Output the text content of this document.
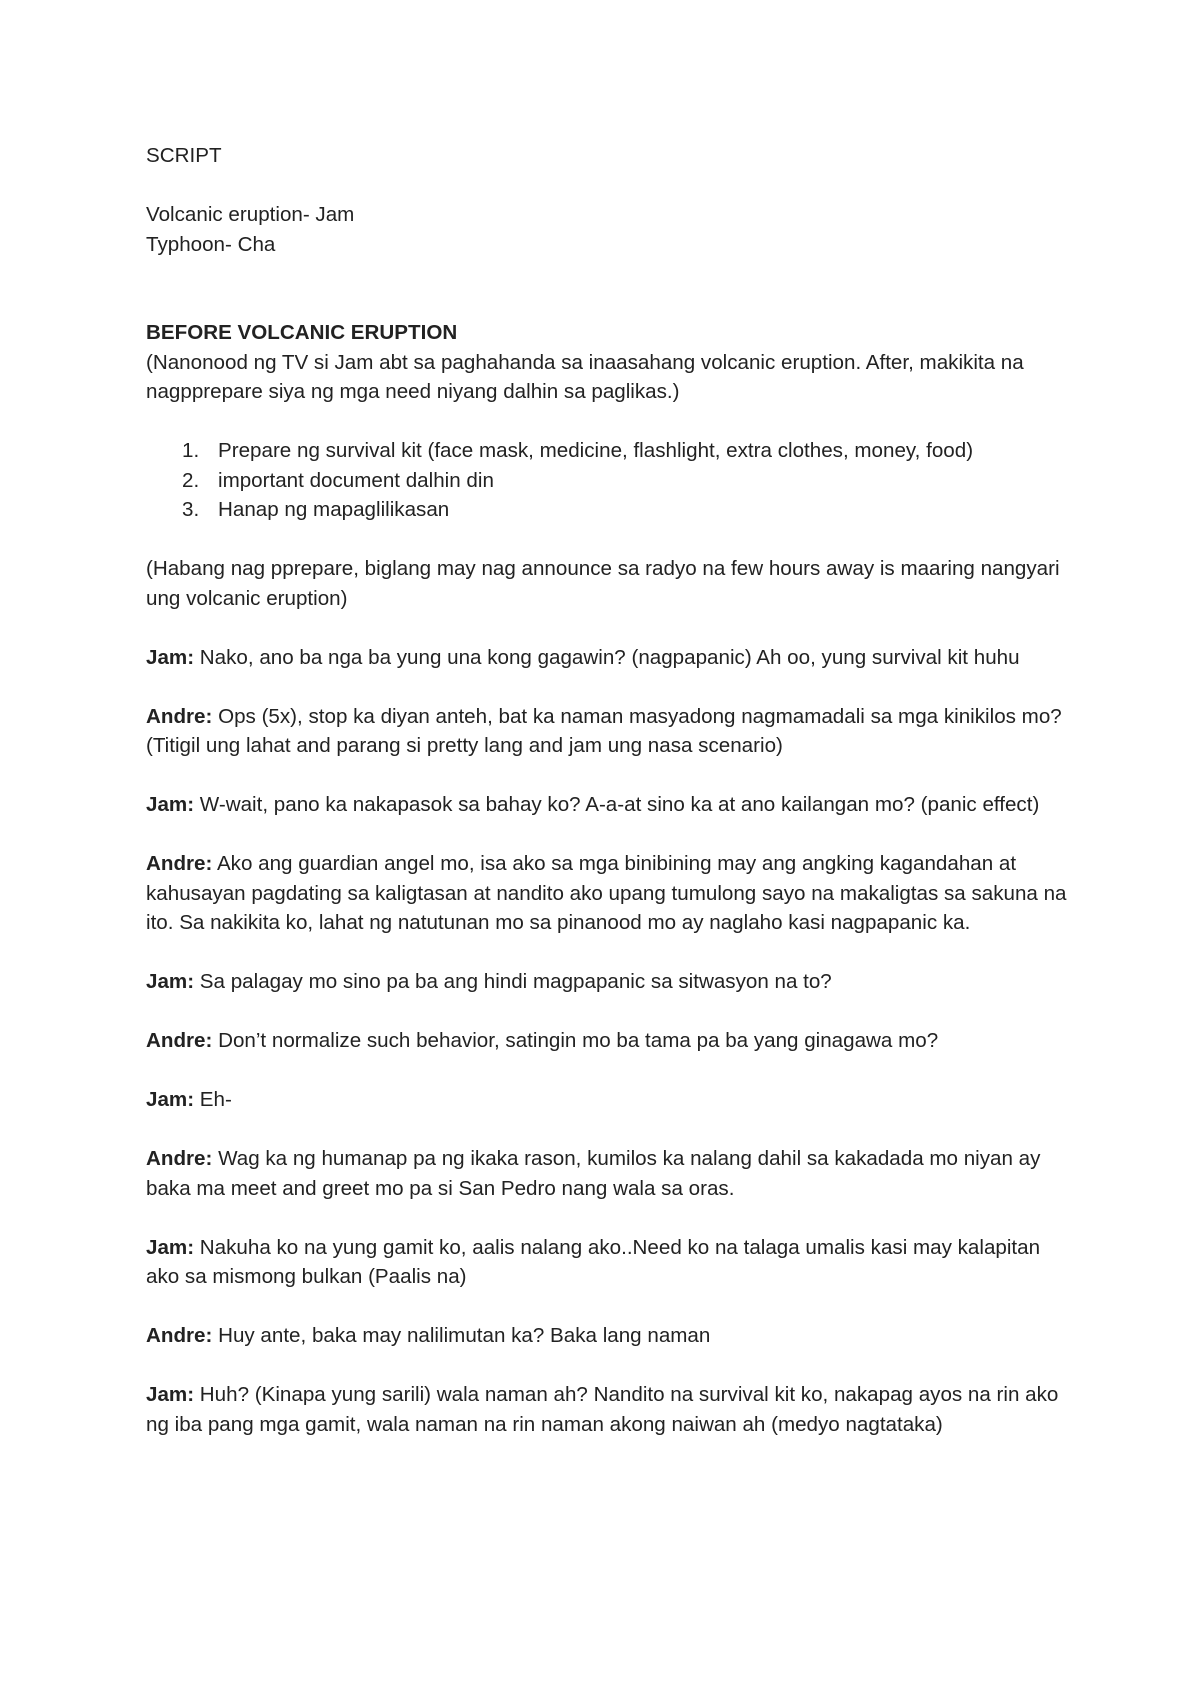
SCRIPT

Volcanic eruption- Jam

Typhoon- Cha

BEFORE VOLCANIC ERUPTION

(Nanonood ng TV si Jam abt sa paghahanda sa inaasahang volcanic eruption. After, makikita na nagpprepare siya ng mga need niyang dalhin sa paglikas.)

1. Prepare ng survival kit (face mask, medicine, flashlight, extra clothes, money, food)
2. important document dalhin din
3. Hanap ng mapaglilikasan

(Habang nag pprepare, biglang may nag announce sa radyo na few hours away is maaring nangyari ung volcanic eruption)

Jam: Nako, ano ba nga ba yung una kong gagawin? (nagpapanic) Ah oo, yung survival kit huhu

Andre: Ops (5x), stop ka diyan anteh, bat ka naman masyadong nagmamadali sa mga kinikilos mo? (Titigil ung lahat and parang si pretty lang and jam ung nasa scenario)

Jam: W-wait, pano ka nakapasok sa bahay ko? A-a-at sino ka at ano kailangan mo? (panic effect)

Andre: Ako ang guardian angel mo, isa ako sa mga binibining may ang angking kagandahan at kahusayan pagdating sa kaligtasan at nandito ako upang tumulong sayo na makaligtas sa sakuna na ito. Sa nakikita ko, lahat ng natutunan mo sa pinanood mo ay naglaho kasi nagpapanic ka.

Jam: Sa palagay mo sino pa ba ang hindi magpapanic sa sitwasyon na to?

Andre: Don’t normalize such behavior, satingin mo ba tama pa ba yang ginagawa mo?

Jam: Eh-

Andre: Wag ka ng humanap pa ng ikaka rason, kumilos ka nalang dahil sa kakadada mo niyan ay baka ma meet and greet mo pa si San Pedro nang wala sa oras.

Jam: Nakuha ko na yung gamit ko, aalis nalang ako..Need ko na talaga umalis kasi may kalapitan ako sa mismong bulkan (Paalis na)

Andre: Huy ante, baka may nalilimutan ka? Baka lang naman

Jam: Huh? (Kinapa yung sarili) wala naman ah? Nandito na survival kit ko, nakapag ayos na rin ako ng iba pang mga gamit, wala naman na rin naman akong naiwan ah (medyo nagtataka)
